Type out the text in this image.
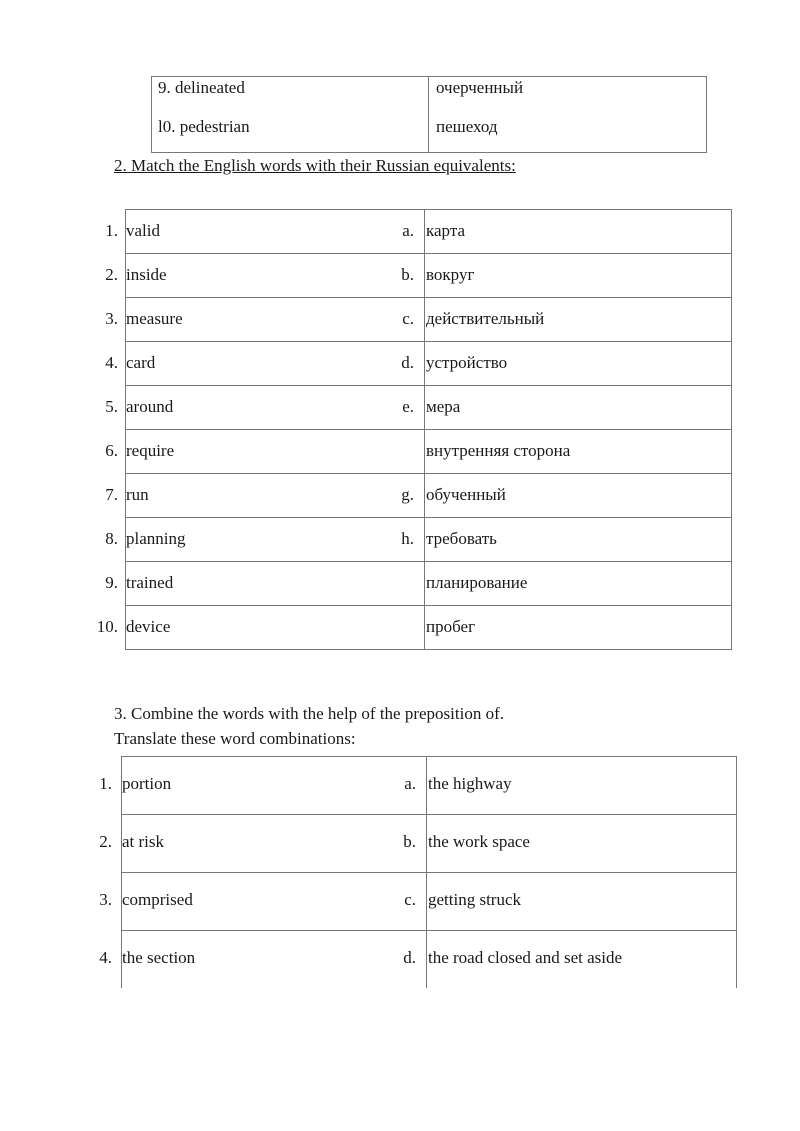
9. delineated	очерченный
l0. pedestrian	пешеход
2. Match the English words with their Russian equivalents:
1. valid	a. карта
2. inside	b. вокруг
3. measure	c. действительный
4. card	d. устройство
5. around	e. мера
6. require	внутренняя сторона
7. run	g. обученный
8. planning	h. требовать
9. trained	планирование
10. device	пробег
3. Combine the words with the help of the preposition of.
Translate these word combinations:
1. portion	a. the highway
2. at risk	b. the work space
3. comprised	c. getting struck
4. the section	d. the road closed and set aside
